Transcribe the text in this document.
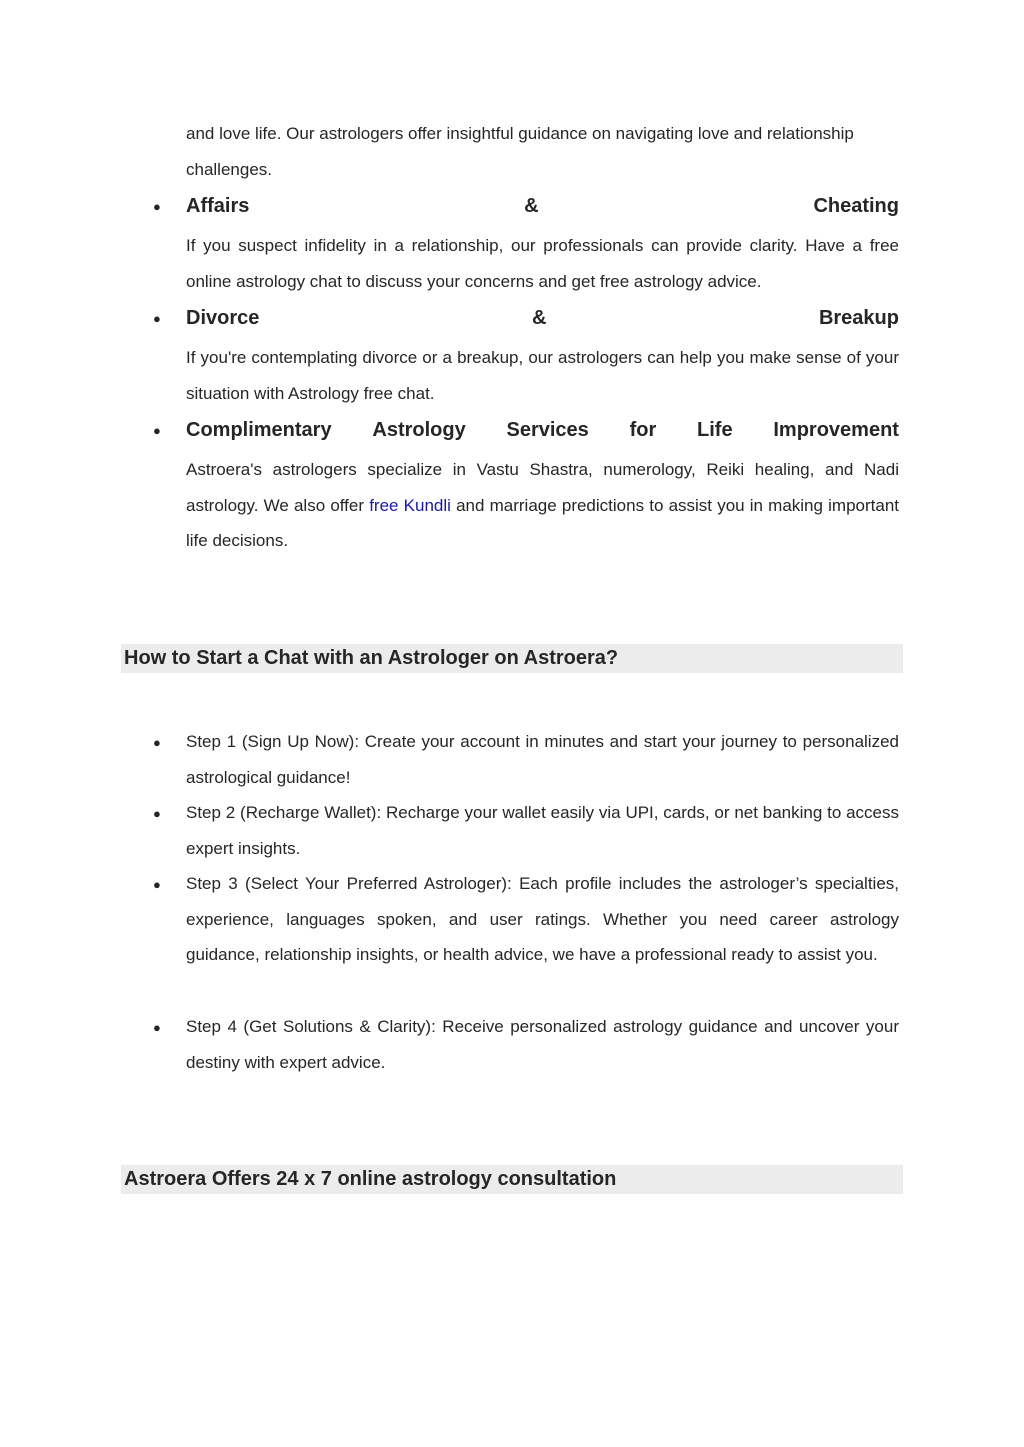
and love life. Our astrologers offer insightful guidance on navigating love and relationship
challenges.

● Affairs	&	Cheating

If you suspect infidelity in a relationship, our professionals can provide clarity. Have a free online astrology chat to discuss your concerns and get free astrology advice.

● Divorce	&	Breakup

If you're contemplating divorce or a breakup, our astrologers can help you make sense of your situation with Astrology free chat.

● Complimentary Astrology Services for Life Improvement

Astroera's astrologers specialize in Vastu Shastra, numerology, Reiki healing, and Nadi astrology. We also offer free Kundli and marriage predictions to assist you in making important life decisions.

How to Start a Chat with an Astrologer on Astroera?
● Step 1 (Sign Up Now): Create your account in minutes and start your journey to personalized astrological guidance!

● Step 2 (Recharge Wallet): Recharge your wallet easily via UPI, cards, or net banking to access expert insights.

● Step 3 (Select Your Preferred Astrologer): Each profile includes the astrologer’s specialties, experience, languages spoken, and user ratings. Whether you need career astrology guidance, relationship insights, or health advice, we have a professional ready to assist you.

● Step 4 (Get Solutions & Clarity): Receive personalized astrology guidance and uncover your destiny with expert advice.

Astroera Offers 24 x 7 online astrology consultation
